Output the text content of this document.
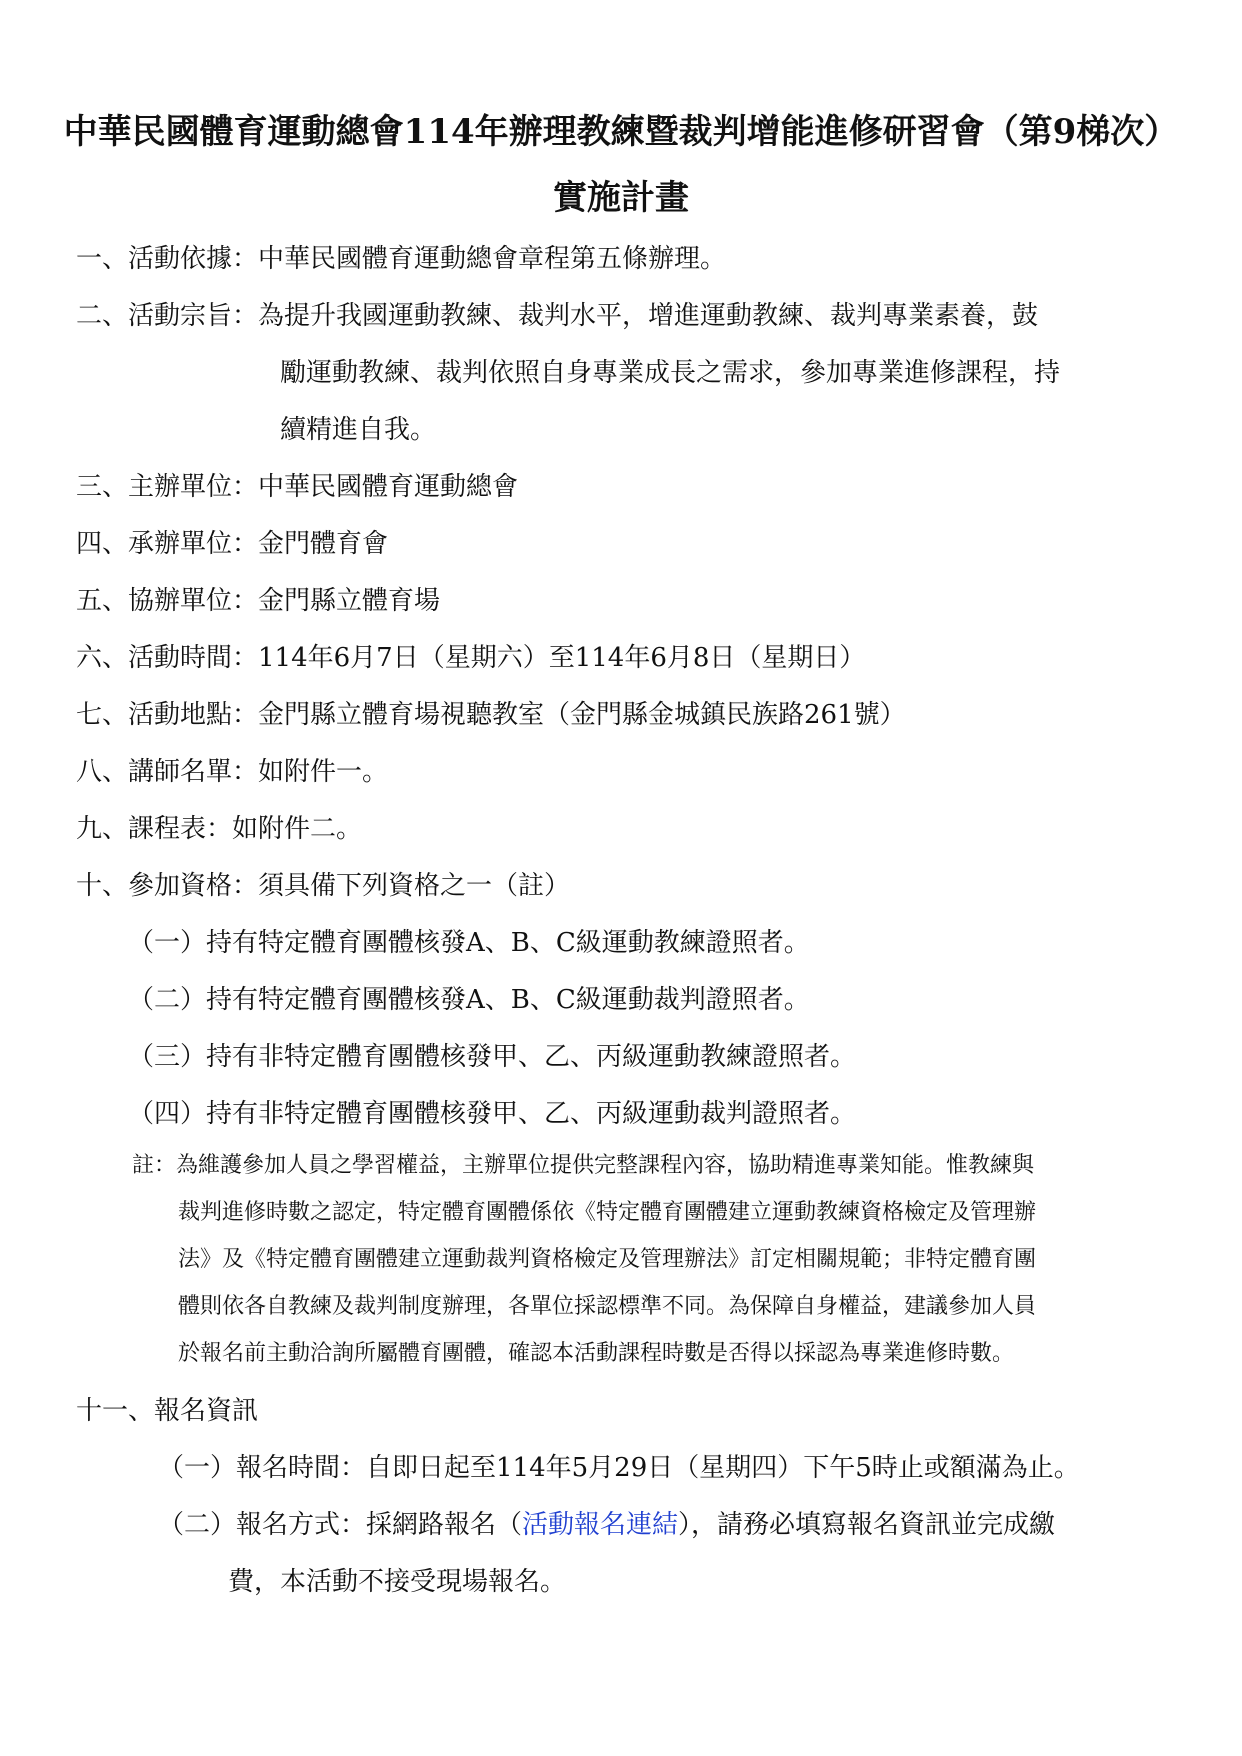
中華民國體育運動總會114年辦理教練暨裁判增能進修研習會（第9梯次）
實施計畫
一、活動依據：中華民國體育運動總會章程第五條辦理。
二、活動宗旨：為提升我國運動教練、裁判水平，增進運動教練、裁判專業素養，鼓
勵運動教練、裁判依照自身專業成長之需求，參加專業進修課程，持
續精進自我。
三、主辦單位：中華民國體育運動總會
四、承辦單位：金門體育會
五、協辦單位：金門縣立體育場
六、活動時間：114年6月7日（星期六）至114年6月8日（星期日）
七、活動地點：金門縣立體育場視聽教室（金門縣金城鎮民族路261號）
八、講師名單：如附件一。
九、課程表：如附件二。
十、參加資格：須具備下列資格之一（註）
（一）持有特定體育團體核發A、B、C級運動教練證照者。
（二）持有特定體育團體核發A、B、C級運動裁判證照者。
（三）持有非特定體育團體核發甲、乙、丙級運動教練證照者。
（四）持有非特定體育團體核發甲、乙、丙級運動裁判證照者。
註：為維護參加人員之學習權益，主辦單位提供完整課程內容，協助精進專業知能。惟教練與
裁判進修時數之認定，特定體育團體係依《特定體育團體建立運動教練資格檢定及管理辦
法》及《特定體育團體建立運動裁判資格檢定及管理辦法》訂定相關規範；非特定體育團
體則依各自教練及裁判制度辦理，各單位採認標準不同。為保障自身權益，建議參加人員
於報名前主動洽詢所屬體育團體，確認本活動課程時數是否得以採認為專業進修時數。
十一、報名資訊
（一）報名時間：自即日起至114年5月29日（星期四）下午5時止或額滿為止。
（二）報名方式：採網路報名（活動報名連結），請務必填寫報名資訊並完成繳
費，本活動不接受現場報名。
